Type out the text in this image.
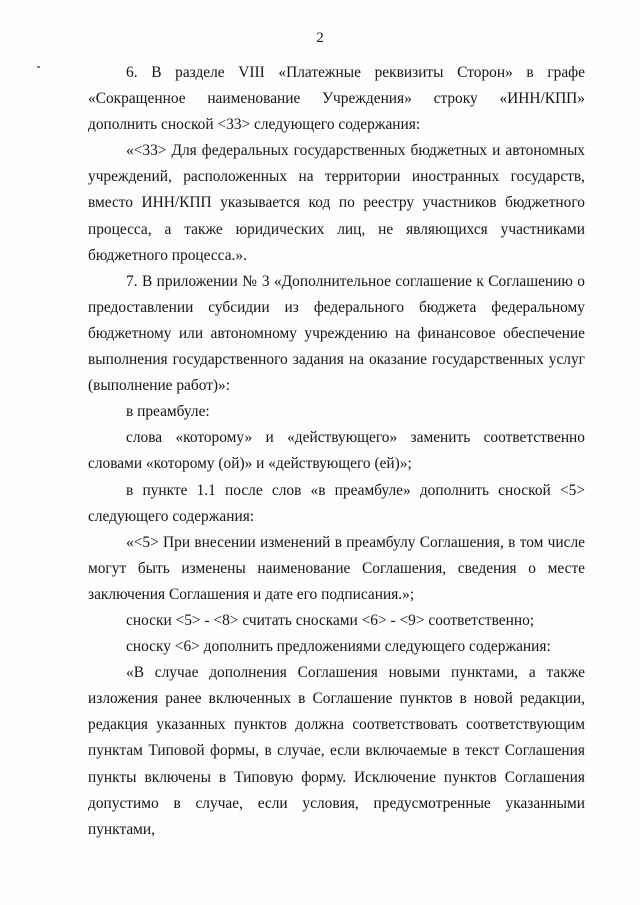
2

6. В разделе VIII «Платежные реквизиты Сторон» в графе «Сокращенное наименование Учреждения» строку «ИНН/КПП» дополнить сноской <33> следующего содержания:

«<33> Для федеральных государственных бюджетных и автономных учреждений, расположенных на территории иностранных государств, вместо ИНН/КПП указывается код по реестру участников бюджетного процесса, а также юридических лиц, не являющихся участниками бюджетного процесса.».

7. В приложении № 3 «Дополнительное соглашение к Соглашению о предоставлении субсидии из федерального бюджета федеральному бюджетному или автономному учреждению на финансовое обеспечение выполнения государственного задания на оказание государственных услуг (выполнение работ)»:

в преамбуле:

слова «которому» и «действующего» заменить соответственно словами «которому (ой)» и «действующего (ей)»;

в пункте 1.1 после слов «в преамбуле» дополнить сноской <5> следующего содержания:

«<5> При внесении изменений в преамбулу Соглашения, в том числе могут быть изменены наименование Соглашения, сведения о месте заключения Соглашения и дате его подписания.»;

сноски <5> - <8> считать сносками <6> - <9> соответственно;

сноску <6> дополнить предложениями следующего содержания:

«В случае дополнения Соглашения новыми пунктами, а также изложения ранее включенных в Соглашение пунктов в новой редакции, редакция указанных пунктов должна соответствовать соответствующим пунктам Типовой формы, в случае, если включаемые в текст Соглашения пункты включены в Типовую форму. Исключение пунктов Соглашения допустимо в случае, если условия, предусмотренные указанными пунктами,
